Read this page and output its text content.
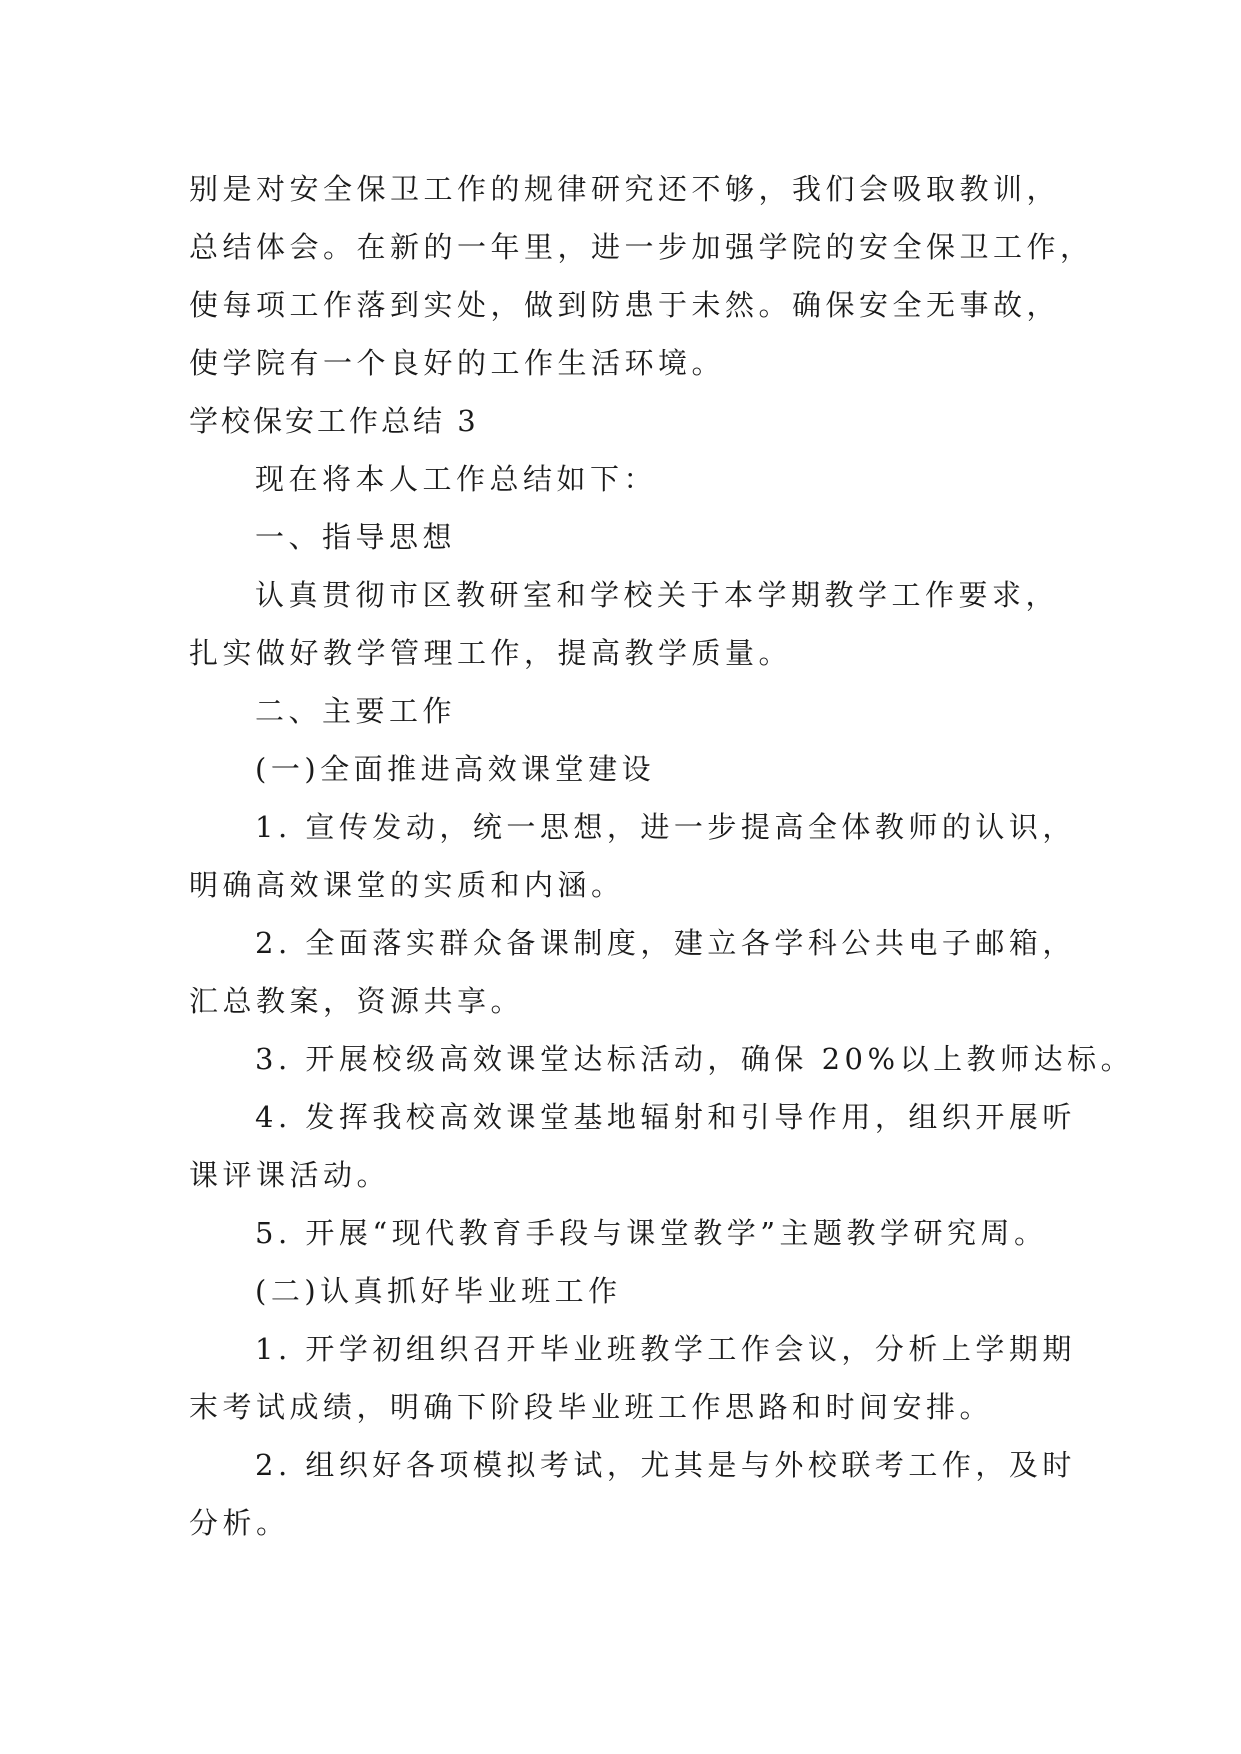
别是对安全保卫工作的规律研究还不够，我们会吸取教训，

总结体会。在新的一年里，进一步加强学院的安全保卫工作，

使每项工作落到实处，做到防患于未然。确保安全无事故，

使学院有一个良好的工作生活环境。

学校保安工作总结 3

现在将本人工作总结如下：

一、指导思想

认真贯彻市区教研室和学校关于本学期教学工作要求，

扎实做好教学管理工作，提高教学质量。

二、主要工作

(一)全面推进高效课堂建设

1. 宣传发动，统一思想，进一步提高全体教师的认识，

明确高效课堂的实质和内涵。

2. 全面落实群众备课制度，建立各学科公共电子邮箱，

汇总教案，资源共享。

3. 开展校级高效课堂达标活动，确保 20%以上教师达标。

4. 发挥我校高效课堂基地辐射和引导作用，组织开展听

课评课活动。

5. 开展“现代教育手段与课堂教学”主题教学研究周。

(二)认真抓好毕业班工作

1. 开学初组织召开毕业班教学工作会议，分析上学期期

末考试成绩，明确下阶段毕业班工作思路和时间安排。

2. 组织好各项模拟考试，尤其是与外校联考工作，及时

分析。
